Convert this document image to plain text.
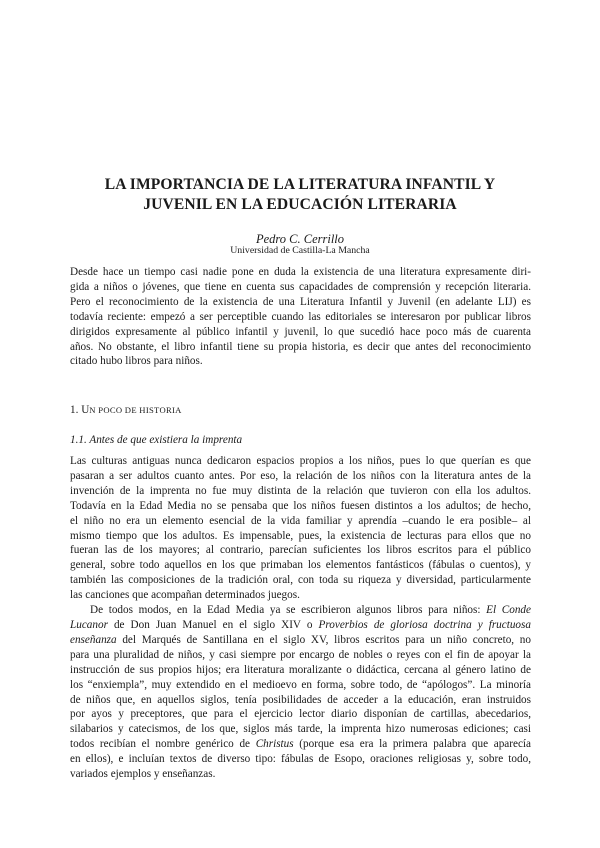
LA IMPORTANCIA DE LA LITERATURA INFANTIL Y
JUVENIL EN LA EDUCACIÓN LITERARIA
Pedro C. Cerrillo
Universidad de Castilla-La Mancha
Desde hace un tiempo casi nadie pone en duda la existencia de una literatura expresamente diri-
gida a niños o jóvenes, que tiene en cuenta sus capacidades de comprensión y recepción literaria.
Pero el reconocimiento de la existencia de una Literatura Infantil y Juvenil (en adelante LIJ) es
todavía reciente: empezó a ser perceptible cuando las editoriales se interesaron por publicar libros
dirigidos expresamente al público infantil y juvenil, lo que sucedió hace poco más de cuarenta
años. No obstante, el libro infantil tiene su propia historia, es decir que antes del reconocimiento
citado hubo libros para niños.
1. UN POCO DE HISTORIA
1.1. Antes de que existiera la imprenta
Las culturas antiguas nunca dedicaron espacios propios a los niños, pues lo que querían es que
pasaran a ser adultos cuanto antes. Por eso, la relación de los niños con la literatura antes de la
invención de la imprenta no fue muy distinta de la relación que tuvieron con ella los adultos.
Todavía en la Edad Media no se pensaba que los niños fuesen distintos a los adultos; de hecho,
el niño no era un elemento esencial de la vida familiar y aprendía –cuando le era posible– al
mismo tiempo que los adultos. Es impensable, pues, la existencia de lecturas para ellos que no
fueran las de los mayores; al contrario, parecían suficientes los libros escritos para el público
general, sobre todo aquellos en los que primaban los elementos fantásticos (fábulas o cuentos), y
también las composiciones de la tradición oral, con toda su riqueza y diversidad, particularmente
las canciones que acompañan determinados juegos.
De todos modos, en la Edad Media ya se escribieron algunos libros para niños: El Conde
Lucanor de Don Juan Manuel en el siglo XIV o Proverbios de gloriosa doctrina y fructuosa
enseñanza del Marqués de Santillana en el siglo XV, libros escritos para un niño concreto, no
para una pluralidad de niños, y casi siempre por encargo de nobles o reyes con el fin de apoyar la
instrucción de sus propios hijos; era literatura moralizante o didáctica, cercana al género latino de
los “enxiempla”, muy extendido en el medioevo en forma, sobre todo, de “apólogos”. La minoría
de niños que, en aquellos siglos, tenía posibilidades de acceder a la educación, eran instruidos
por ayos y preceptores, que para el ejercicio lector diario disponían de cartillas, abecedarios,
silabarios y catecismos, de los que, siglos más tarde, la imprenta hizo numerosas ediciones; casi
todos recibían el nombre genérico de Christus (porque esa era la primera palabra que aparecía
en ellos), e incluían textos de diverso tipo: fábulas de Esopo, oraciones religiosas y, sobre todo,
variados ejemplos y enseñanzas.
